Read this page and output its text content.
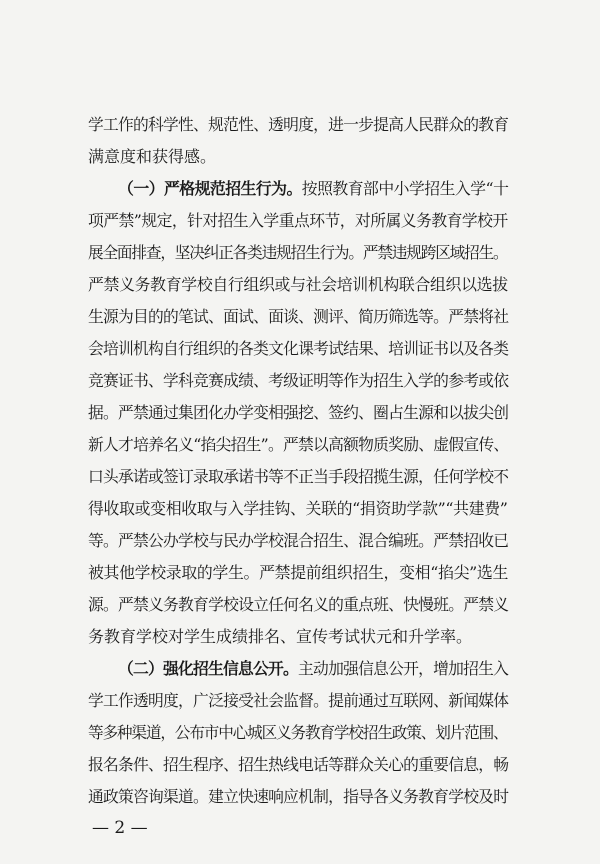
学工作的科学性、规范性、透明度，进一步提高人民群众的教育
满意度和获得感。
（一）严格规范招生行为。按照教育部中小学招生入学“十
项严禁”规定，针对招生入学重点环节，对所属义务教育学校开
展全面排查，坚决纠正各类违规招生行为。严禁违规跨区域招生。
严禁义务教育学校自行组织或与社会培训机构联合组织以选拔
生源为目的的笔试、面试、面谈、测评、简历筛选等。严禁将社
会培训机构自行组织的各类文化课考试结果、培训证书以及各类
竞赛证书、学科竞赛成绩、考级证明等作为招生入学的参考或依
据。严禁通过集团化办学变相强挖、签约、圈占生源和以拔尖创
新人才培养名义“掐尖招生”。严禁以高额物质奖励、虚假宣传、
口头承诺或签订录取承诺书等不正当手段招揽生源，任何学校不
得收取或变相收取与入学挂钩、关联的“捐资助学款”“共建费”
等。严禁公办学校与民办学校混合招生、混合编班。严禁招收已
被其他学校录取的学生。严禁提前组织招生，变相“掐尖”选生
源。严禁义务教育学校设立任何名义的重点班、快慢班。严禁义
务教育学校对学生成绩排名、宣传考试状元和升学率。
（二）强化招生信息公开。主动加强信息公开，增加招生入
学工作透明度，广泛接受社会监督。提前通过互联网、新闻媒体
等多种渠道，公布市中心城区义务教育学校招生政策、划片范围、
报名条件、招生程序、招生热线电话等群众关心的重要信息，畅
通政策咨询渠道。建立快速响应机制，指导各义务教育学校及时
— 2 —
